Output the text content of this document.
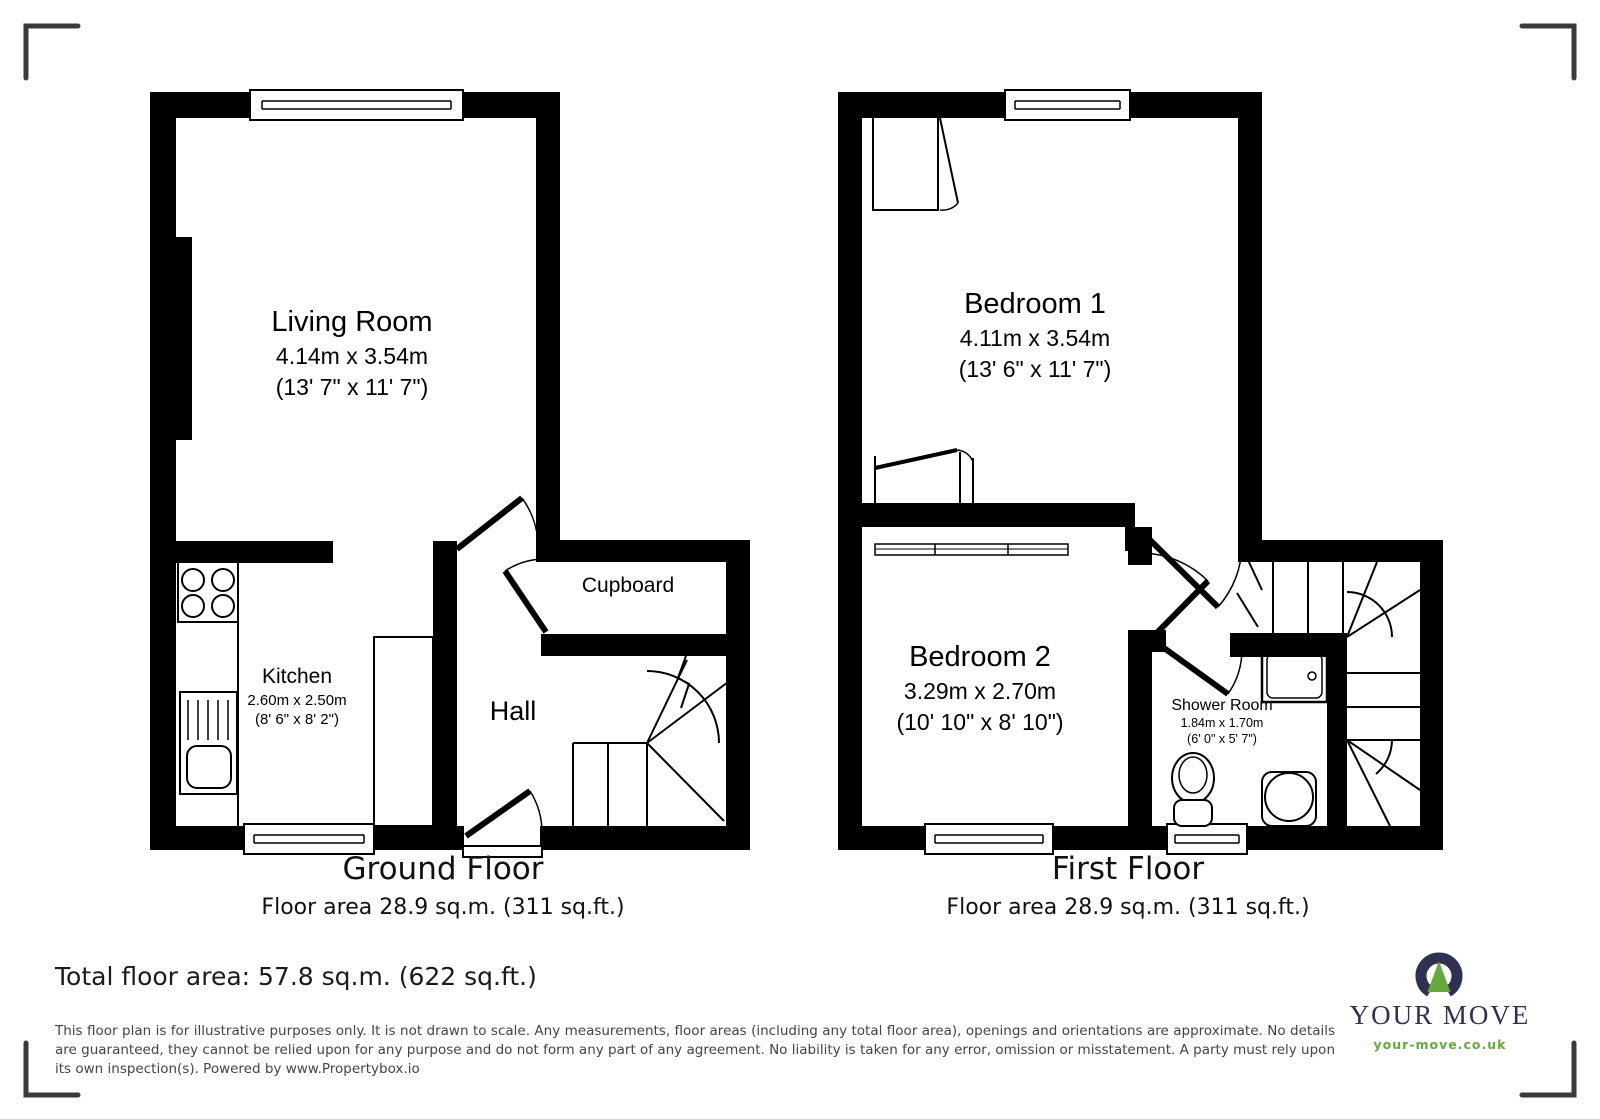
Living Room
4.14m x 3.54m
(13' 7" x 11' 7")
Kitchen
2.60m x 2.50m
(8' 6" x 8' 2")
Cupboard
Hall
Bedroom 1
4.11m x 3.54m
(13' 6" x 11' 7")
Bedroom 2
3.29m x 2.70m
(10' 10" x 8' 10")
Shower Room
1.84m x 1.70m
(6' 0" x 5' 7")
Ground Floor
Floor area 28.9 sq.m. (311 sq.ft.)
First Floor
Floor area 28.9 sq.m. (311 sq.ft.)
Total floor area: 57.8 sq.m. (622 sq.ft.)
This floor plan is for illustrative purposes only. It is not drawn to scale. Any measurements, floor areas (including any total floor area), openings and orientations are approximate. No details are guaranteed, they cannot be relied upon for any purpose and do not form any part of any agreement. No liability is taken for any error, omission or misstatement. A party must rely upon its own inspection(s). Powered by www.Propertybox.io
YOUR MOVE
your-move.co.uk
